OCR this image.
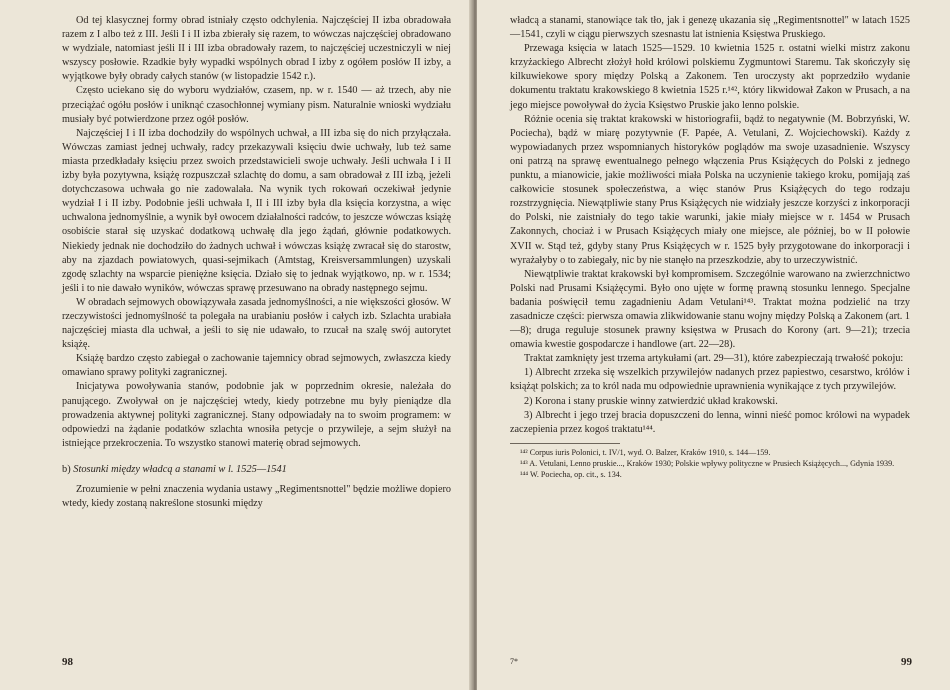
Od tej klasycznej formy obrad istniały często odchylenia. Najczęściej II izba obradowała razem z I albo też z III. Jeśli I i II izba zbierały się razem, to wówczas najczęściej obradowano w wydziale, natomiast jeśli II i III izba obradowały razem, to najczęściej uczestniczyli w niej wszyscy posłowie. Rzadkie były wypadki wspólnych obrad I izby z ogółem posłów II izby, a wyjątkowe były obrady całych stanów (w listopadzie 1542 r.).

Często uciekano się do wyboru wydziałów, czasem, np. w r. 1540 — aż trzech, aby nie przeciążać ogółu posłów i uniknąć czasochłonnej wymiany pism. Naturalnie wnioski wydziału musiały być potwierdzone przez ogół posłów.

Najczęściej I i II izba dochodziły do wspólnych uchwał, a III izba się do nich przyłączała. Wówczas zamiast jednej uchwały, radcy przekazywali księciu dwie uchwały, lub też same miasta przedkładały księciu przez swoich przedstawicieli swoje uchwały. Jeśli uchwała I i II izby była pozytywna, książę rozpuszczał szlachtę do domu, a sam obradował z III izbą, jeżeli dotychczasowa uchwała go nie zadowalała. Na wynik tych rokowań oczekiwał jedynie wydział I i II izby. Podobnie jeśli uchwała I, II i III izby była dla księcia korzystna, a więc uchwalona jednomyślnie, a wynik był owocem działalności radców, to jeszcze wówczas książę osobiście starał się uzyskać dodatkową uchwałę dla jego żądań, głównie podatkowych. Niekiedy jednak nie dochodziło do żadnych uchwał i wówczas książę zwracał się do starostw, aby na zjazdach powiatowych, quasi-sejmikach (Amtstag, Kreisversammlungen) uzyskali zgodę szlachty na wsparcie pieniężne księcia. Działo się to jednak wyjątkowo, np. w r. 1534; jeśli i to nie dawało wyników, wówczas sprawę przesuwano na obrady następnego sejmu.

W obradach sejmowych obowiązywała zasada jednomyślności, a nie większości głosów. W rzeczywistości jednomyślność ta polegała na urabianiu posłów i całych izb. Szlachta urabiała najczęściej miasta dla uchwał, a jeśli to się nie udawało, to rzucał na szalę swój autorytet książę.

Książę bardzo często zabiegał o zachowanie tajemnicy obrad sejmowych, zwłaszcza kiedy omawiano sprawy polityki zagranicznej.

Inicjatywa powoływania stanów, podobnie jak w poprzednim okresie, należała do panującego. Zwoływał on je najczęściej wtedy, kiedy potrzebne mu były pieniądze dla prowadzenia aktywnej polityki zagranicznej. Stany odpowiadały na to swoim programem: w odpowiedzi na żądanie podatków szlachta wnosiła petycje o przywileje, a sejm służył na istniejące przekroczenia. To wszystko stanowi materię obrad sejmowych.

b) Stosunki między władcą a stanami w l. 1525—1541

Zrozumienie w pełni znaczenia wydania ustawy „Regimentsnottel" będzie możliwe dopiero wtedy, kiedy zostaną nakreślone stosunki między

98

władcą a stanami, stanowiące tak tło, jak i genezę ukazania się „Regimentsnottel" w latach 1525—1541, czyli w ciągu pierwszych szesnastu lat istnienia Księstwa Pruskiego.

Przewaga księcia w latach 1525—1529. 10 kwietnia 1525 r. ostatni wielki mistrz zakonu krzyżackiego Albrecht złożył hołd królowi polskiemu Zygmuntowi Staremu. Tak skończyły się kilkuwiekowe spory między Polską a Zakonem. Ten uroczysty akt poprzedziło wydanie dokumentu traktatu krakowskiego 8 kwietnia 1525 r.¹⁴², który likwidował Zakon w Prusach, a na jego miejsce powoływał do życia Księstwo Pruskie jako lenno polskie.

Różnie ocenia się traktat krakowski w historiografii, bądź to negatywnie (M. Bobrzyński, W. Pociecha), bądź w miarę pozytywnie (F. Papée, A. Vetulani, Z. Wojciechowski). Każdy z wypowiadanych przez wspomnianych historyków poglądów ma swoje uzasadnienie. Wszyscy oni patrzą na sprawę ewentualnego pełnego włączenia Prus Książęcych do Polski z jednego punktu, a mianowicie, jakie możliwości miała Polska na uczynienie takiego kroku, pomijają zaś całkowicie stosunek społeczeństwa, a więc stanów Prus Książęcych do tego rodzaju rozstrzygnięcia. Niewątpliwie stany Prus Książęcych nie widziały jeszcze korzyści z inkorporacji do Polski, nie zaistniały do tego takie warunki, jakie miały miejsce w r. 1454 w Prusach Zakonnych, chociaż i w Prusach Książęcych miały one miejsce, ale później, bo w II połowie XVII w. Stąd też, gdyby stany Prus Książęcych w r. 1525 były przygotowane do inkorporacji i wyrażałyby o to zabiegały, nic by nie stanęło na przeszkodzie, aby to urzeczywistnić.

Niewątpliwie traktat krakowski był kompromisem. Szczególnie warowano na zwierzchnictwo Polski nad Prusami Książęcymi. Było ono ujęte w formę prawną stosunku lennego. Specjalne badania poświęcił temu zagadnieniu Adam Vetulani¹⁴³. Traktat można podzielić na trzy zasadnicze części: pierwsza omawia zlikwidowanie stanu wojny między Polską a Zakonem (art. 1—8); druga reguluje stosunek prawny księstwa w Prusach do Korony (art. 9—21); trzecia omawia kwestie gospodarcze i handlowe (art. 22—28).

Traktat zamknięty jest trzema artykułami (art. 29—31), które zabezpieczają trwałość pokoju:

1) Albrecht zrzeka się wszelkich przywilejów nadanych przez papiestwo, cesarstwo, królów i książąt polskich; za to król nada mu odpowiednie uprawnienia wynikające z tych przywilejów.

2) Korona i stany pruskie winny zatwierdzić układ krakowski.

3) Albrecht i jego trzej bracia dopuszczeni do lenna, winni nieść pomoc królowi na wypadek zaczepienia przez kogoś traktatu¹⁴⁴.

¹⁴² Corpus iuris Polonici, t. IV/1, wyd. O. Balzer, Kraków 1910, s. 144—159.

¹⁴³ A. Vetulani, Lenno pruskie..., Kraków 1930; Polskie wpływy polityczne w Prusiech Książęcych..., Gdynia 1939.

¹⁴⁴ W. Pociecha, op. cit., s. 134.

7*	99
